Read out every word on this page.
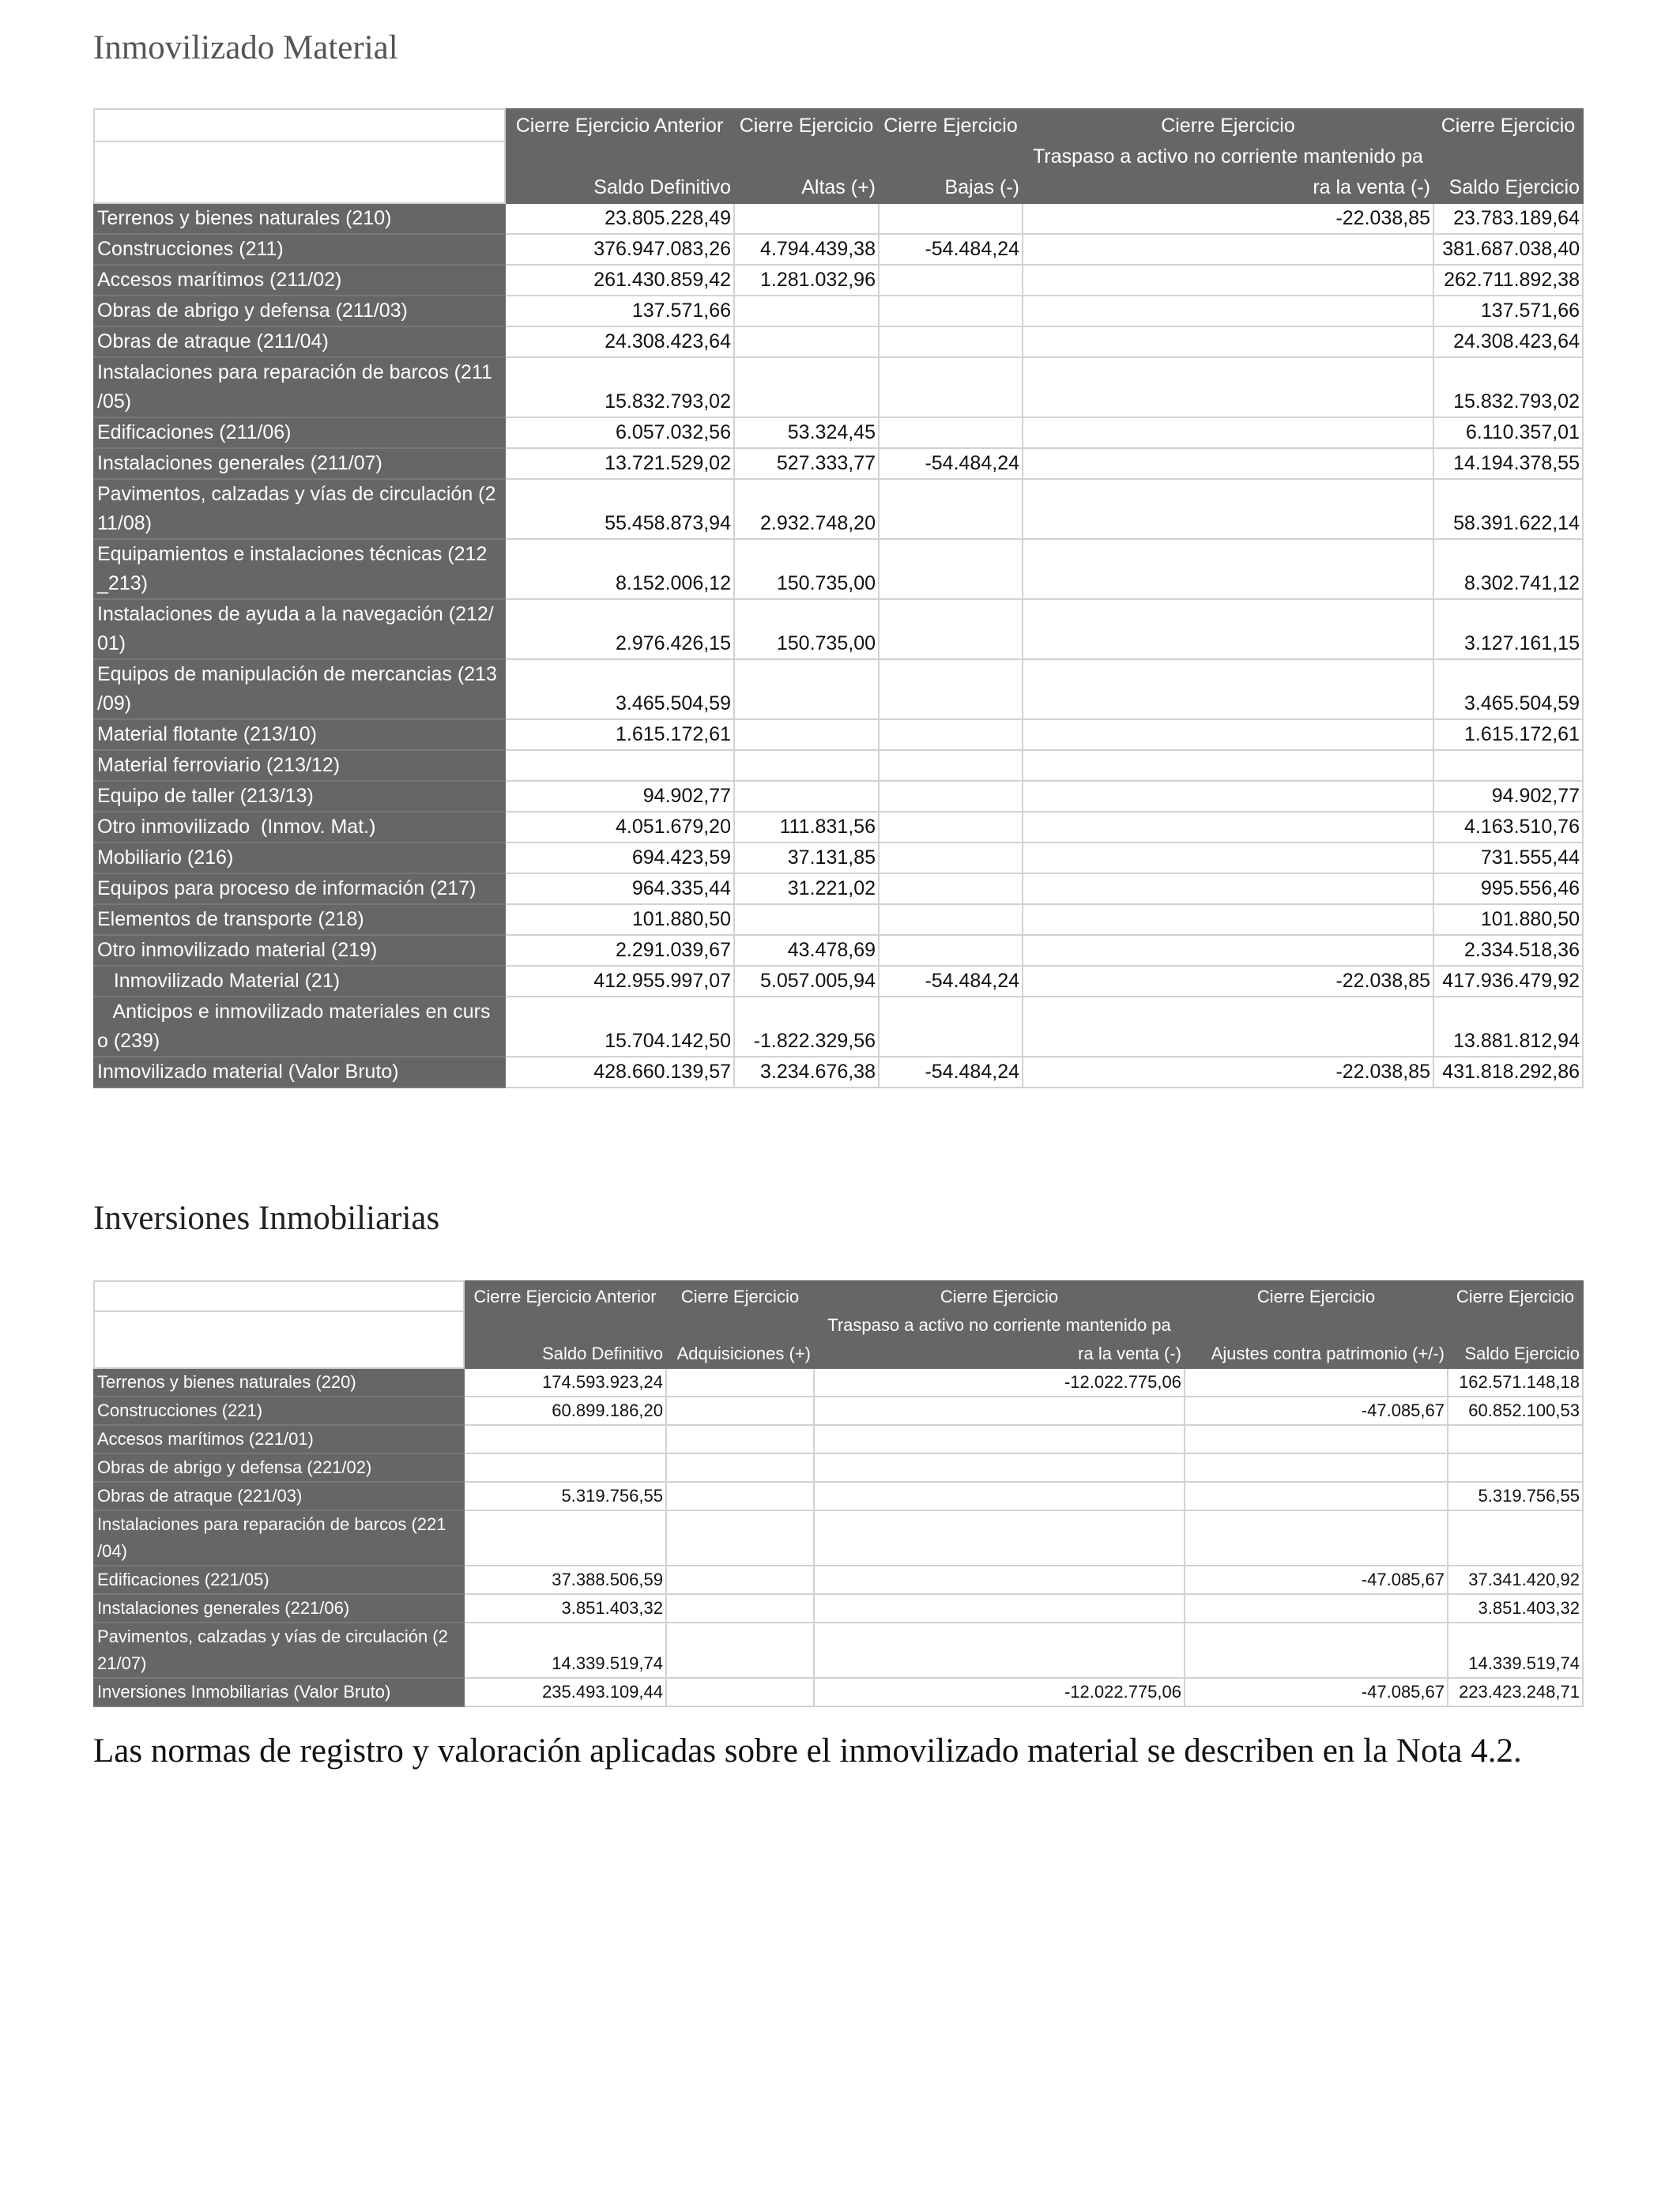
Inmovilizado Material
	Cierre Ejercicio Anterior	Cierre Ejercicio	Cierre Ejercicio	Cierre Ejercicio	Cierre Ejercicio
				Traspaso a activo no corriente mantenido pa	
	Saldo Definitivo	Altas (+)	Bajas (-)	ra la venta (-)	Saldo Ejercicio

Terrenos y bienes naturales (210)	23.805.228,49			-22.038,85	23.783.189,64

Construcciones (211)	376.947.083,26	4.794.439,38	-54.484,24		381.687.038,40

Accesos marítimos (211/02)	261.430.859,42	1.281.032,96			262.711.892,38

Obras de abrigo y defensa (211/03)	137.571,66				137.571,66

Obras de atraque (211/04)	24.308.423,64				24.308.423,64

Instalaciones para reparación de barcos (211
/05)	15.832.793,02				15.832.793,02

Edificaciones (211/06)	6.057.032,56	53.324,45			6.110.357,01

Instalaciones generales (211/07)	13.721.529,02	527.333,77	-54.484,24		14.194.378,55

Pavimentos, calzadas y vías de circulación (2
11/08)	55.458.873,94	2.932.748,20			58.391.622,14

Equipamientos e instalaciones técnicas (212
_213)	8.152.006,12	150.735,00			8.302.741,12

Instalaciones de ayuda a la navegación (212/
01)	2.976.426,15	150.735,00			3.127.161,15

Equipos de manipulación de mercancias (213
/09)	3.465.504,59				3.465.504,59

Material flotante (213/10)	1.615.172,61				1.615.172,61

Material ferroviario (213/12)					

Equipo de taller (213/13)	94.902,77				94.902,77

Otro inmovilizado  (Inmov. Mat.)	4.051.679,20	111.831,56			4.163.510,76

Mobiliario (216)	694.423,59	37.131,85			731.555,44

Equipos para proceso de información (217)	964.335,44	31.221,02			995.556,46

Elementos de transporte (218)	101.880,50				101.880,50

Otro inmovilizado material (219)	2.291.039,67	43.478,69			2.334.518,36

Inmovilizado Material (21)	412.955.997,07	5.057.005,94	-54.484,24	-22.038,85	417.936.479,92

Anticipos e inmovilizado materiales en curs
o (239)	15.704.142,50	-1.822.329,56			13.881.812,94

Inmovilizado material (Valor Bruto)	428.660.139,57	3.234.676,38	-54.484,24	-22.038,85	431.818.292,86
Inversiones Inmobiliarias
	Cierre Ejercicio Anterior	Cierre Ejercicio	Cierre Ejercicio	Cierre Ejercicio	Cierre Ejercicio
			Traspaso a activo no corriente mantenido pa		
	Saldo Definitivo	Adquisiciones (+)	ra la venta (-)	Ajustes contra patrimonio (+/-)	Saldo Ejercicio

Terrenos y bienes naturales (220)	174.593.923,24		-12.022.775,06		162.571.148,18

Construcciones (221)	60.899.186,20			-47.085,67	60.852.100,53

Accesos marítimos (221/01)					

Obras de abrigo y defensa (221/02)					

Obras de atraque (221/03)	5.319.756,55				5.319.756,55

Instalaciones para reparación de barcos (221
/04)					

Edificaciones (221/05)	37.388.506,59			-47.085,67	37.341.420,92

Instalaciones generales (221/06)	3.851.403,32				3.851.403,32

Pavimentos, calzadas y vías de circulación (2
21/07)	14.339.519,74				14.339.519,74

Inversiones Inmobiliarias (Valor Bruto)	235.493.109,44		-12.022.775,06	-47.085,67	223.423.248,71

Las normas de registro y valoración aplicadas sobre el inmovilizado material se describen en la Nota 4.2.
